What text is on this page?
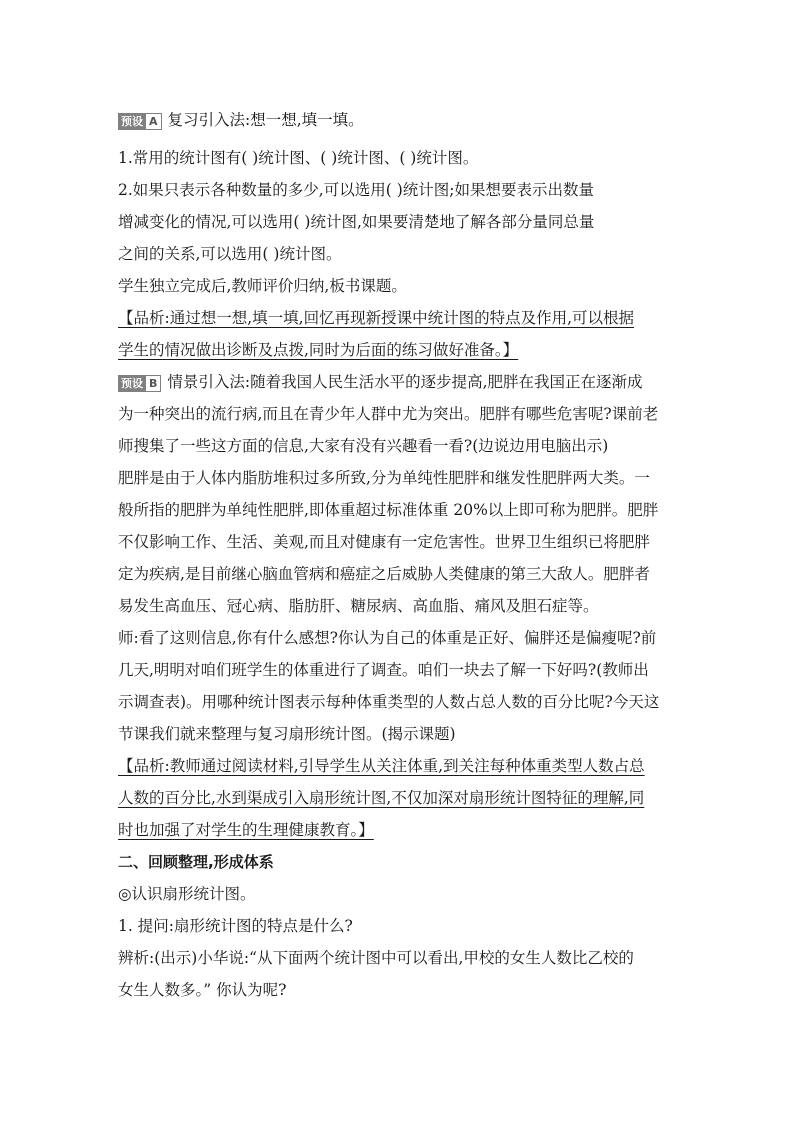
预设 A 复习引入法:想一想,填一填。
1.常用的统计图有( )统计图、( )统计图、( )统计图。
2.如果只表示各种数量的多少,可以选用( )统计图;如果想要表示出数量
增减变化的情况,可以选用( )统计图,如果要清楚地了解各部分量同总量
之间的关系,可以选用( )统计图。
学生独立完成后,教师评价归纳,板书课题。
【品析:通过想一想,填一填,回忆再现新授课中统计图的特点及作用,可以根据
学生的情况做出诊断及点拨,同时为后面的练习做好准备。】
预设 B 情景引入法:随着我国人民生活水平的逐步提高,肥胖在我国正在逐渐成
为一种突出的流行病,而且在青少年人群中尤为突出。肥胖有哪些危害呢?课前老
师搜集了一些这方面的信息,大家有没有兴趣看一看?(边说边用电脑出示)
肥胖是由于人体内脂肪堆积过多所致,分为单纯性肥胖和继发性肥胖两大类。一
般所指的肥胖为单纯性肥胖,即体重超过标准体重 20%以上即可称为肥胖。肥胖
不仅影响工作、生活、美观,而且对健康有一定危害性。世界卫生组织已将肥胖
定为疾病,是目前继心脑血管病和癌症之后威胁人类健康的第三大敌人。肥胖者
易发生高血压、冠心病、脂肪肝、糖尿病、高血脂、痛风及胆石症等。
师:看了这则信息,你有什么感想?你认为自己的体重是正好、偏胖还是偏瘦呢?前
几天,明明对咱们班学生的体重进行了调查。咱们一块去了解一下好吗?(教师出
示调查表)。用哪种统计图表示每种体重类型的人数占总人数的百分比呢?今天这
节课我们就来整理与复习扇形统计图。(揭示课题)
【品析:教师通过阅读材料,引导学生从关注体重,到关注每种体重类型人数占总
人数的百分比,水到渠成引入扇形统计图,不仅加深对扇形统计图特征的理解,同
时也加强了对学生的生理健康教育。】
二、回顾整理,形成体系
◎认识扇形统计图。
1. 提问:扇形统计图的特点是什么?
辨析:(出示)小华说:“从下面两个统计图中可以看出,甲校的女生人数比乙校的
女生人数多。” 你认为呢?
